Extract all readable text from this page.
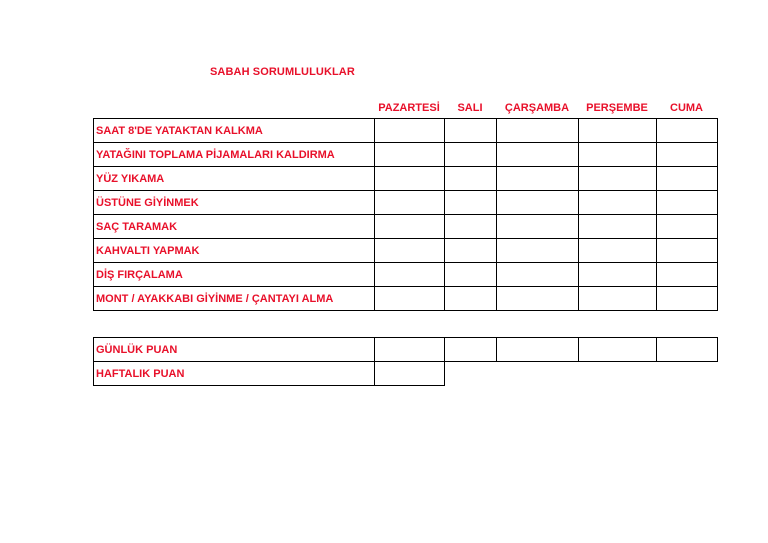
SABAH SORUMLULUKLAR
PAZARTESİ	SALI	ÇARŞAMBA	PERŞEMBE	CUMA
SAAT 8'DE YATAKTAN KALKMA					
YATAĞINI TOPLAMA PİJAMALARI KALDIRMA					
YÜZ YIKAMA					
ÜSTÜNE GİYİNMEK					
SAÇ TARAMAK					
KAHVALTI YAPMAK					
DİŞ FIRÇALAMA					
MONT / AYAKKABI GİYİNME / ÇANTAYI ALMA					
GÜNLÜK PUAN					
HAFTALIK PUAN					
